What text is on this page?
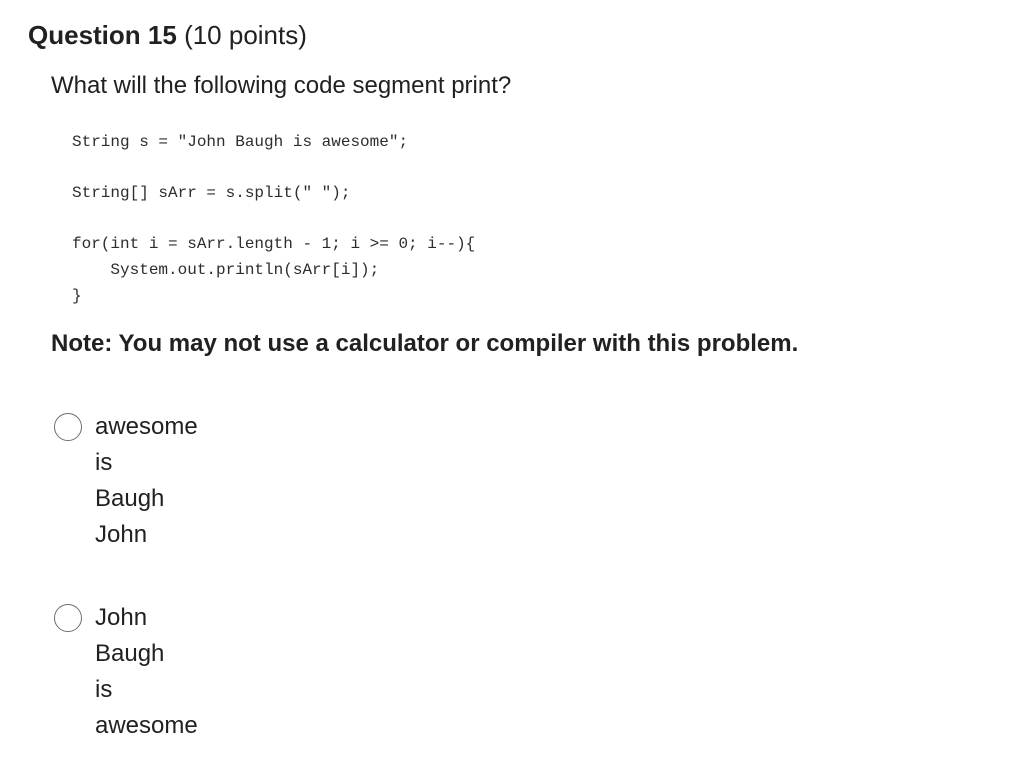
Question 15 (10 points)
What will the following code segment print?
String s = "John Baugh is awesome";
String[] sArr = s.split(" ");
for(int i = sArr.length - 1; i >= 0; i--){
System.out.println(sArr[i]);
}
Note: You may not use a calculator or compiler with this problem.
awesome
is
Baugh
John
John
Baugh
is
awesome
